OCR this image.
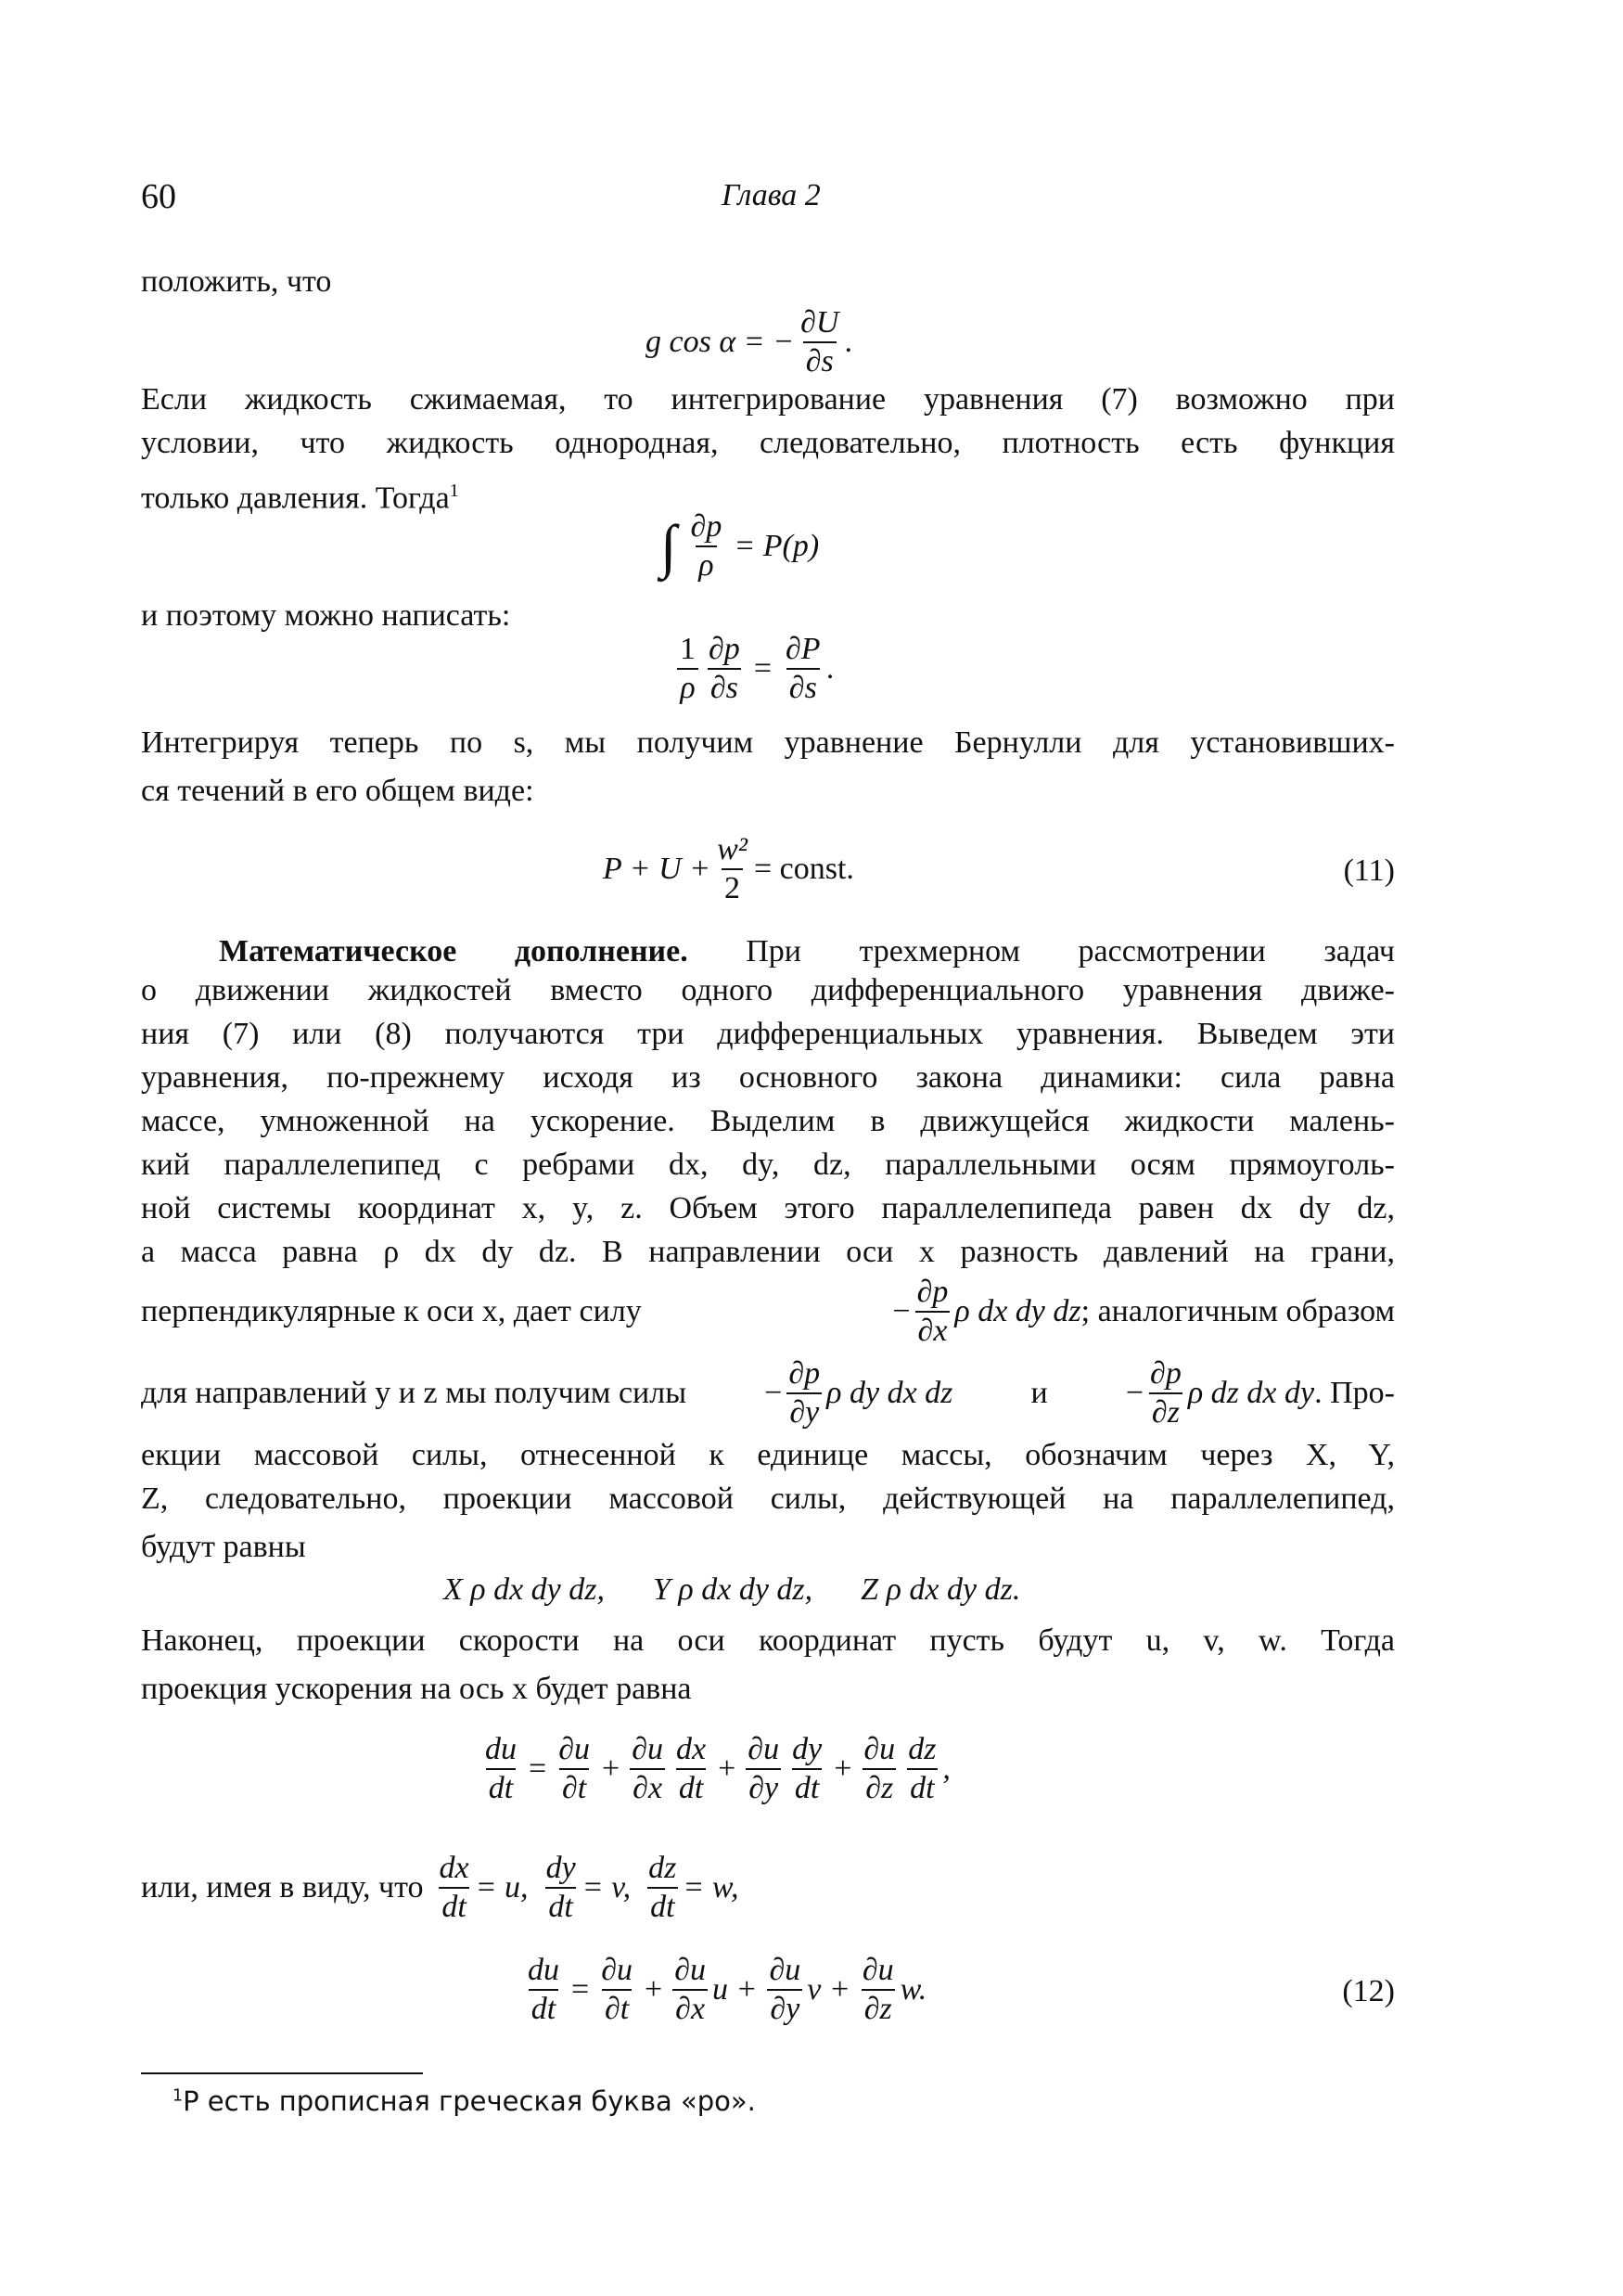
60	Глава 2
положить, что
g cos α = − $\frac{\partial U}{\partial s}$ .
Если жидкость сжимаемая, то интегрирование уравнения (7) возможно при
условии, что жидкость однородная, следовательно, плотность есть функция
только давления. Тогда$^1$
∫ $\frac{\partial p}{\rho} = P(p)$
и поэтому можно написать:
$\frac{1}{\rho} \frac{\partial p}{\partial s} = \frac{\partial P}{\partial s}$ .
Интегрируя теперь по s, мы получим уравнение Бернулли для установивших-
ся течений в его общем виде:
$P + U + \frac{\text{w²}}{2}$ = const.	(11)
Математическое дополнение. При трехмерном рассмотрении задач
о движении жидкостей вместо одного дифференциального уравнения движе-
ния (7) или (8) получаются три дифференциальных уравнения. Выведем эти
уравнения, по-прежнему исходя из основного закона динамики: сила равна
массе, умноженной на ускорение. Выделим в движущейся жидкости малень-
кий параллелепипед с ребрами dx, dy, dz, параллельными осям прямоуголь-
ной системы координат x, y, z. Объем этого параллелепипеда равен dx dy dz,
а масса равна ρ dx dy dz. В направлении оси x разность давлений на грани,
перпендикулярные к оси x, дает силу	− $\frac{\partial p}{\partial x}$ ρ dx dy dz ; аналогичным образом
для направлений y и z мы получим силы − $\frac{\partial p}{\partial y}$ ρ dy dx dz $и - \frac{\partial p}{\partial z}$ ρ dz dx dy . Про-
екции массовой силы, отнесенной к единице массы, обозначим через X, Y,
Z, следовательно, проекции массовой силы, действующей на параллелепипед,
будут равны
X ρ dx dy dz, Y ρ dx dy dz, Z ρ dx dy dz.
Наконец, проекции скорости на оси координат пусть будут u, v, w. Тогда
проекция ускорения на ось x будет равна
$\frac{du}{dt} = \frac{\partial u}{\partial t} + \frac{\partial u}{\partial x} \frac{dx}{dt} + \frac{\partial u}{\partial y} \frac{dy}{dt} + \frac{\partial u}{\partial z} \frac{dz}{dt}$ ,
или, имея в виду, что $\frac{dx}{dt} = u$, $\frac{dy}{dt} = v$, $\frac{dz}{dt} = w$,
$\frac{du}{dt} = \frac{\partial u}{\partial t} + \frac{\partial u}{\partial x}$ $u + \frac{\partial u}{\partial y}$ $v + \frac{\partial u}{\partial z} w$.	(12)
$^1$P есть прописная греческая буква «ро».
